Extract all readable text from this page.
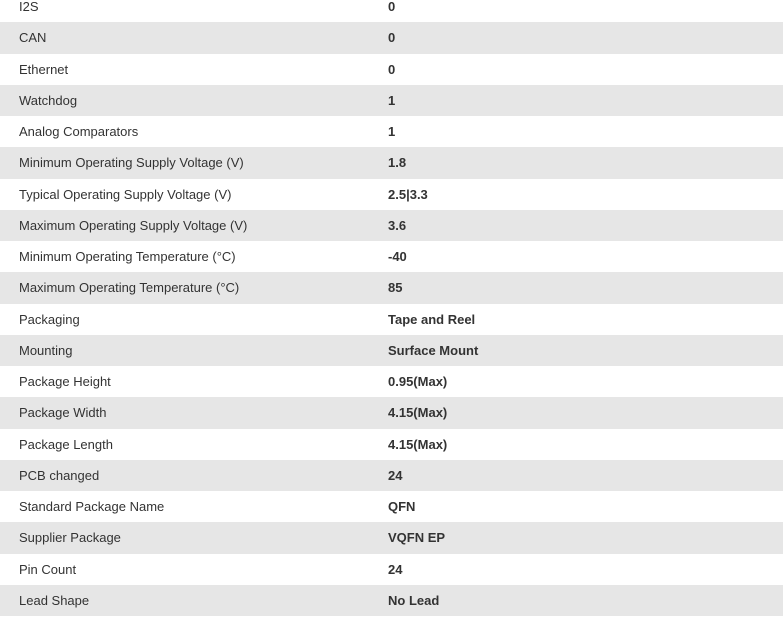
I2S	0
CAN	0
Ethernet	0
Watchdog	1
Analog Comparators	1
Minimum Operating Supply Voltage (V)	1.8
Typical Operating Supply Voltage (V)	2.5|3.3
Maximum Operating Supply Voltage (V)	3.6
Minimum Operating Temperature (°C)	-40
Maximum Operating Temperature (°C)	85
Packaging	Tape and Reel
Mounting	Surface Mount
Package Height	0.95(Max)
Package Width	4.15(Max)
Package Length	4.15(Max)
PCB changed	24
Standard Package Name	QFN
Supplier Package	VQFN EP
Pin Count	24
Lead Shape	No Lead
